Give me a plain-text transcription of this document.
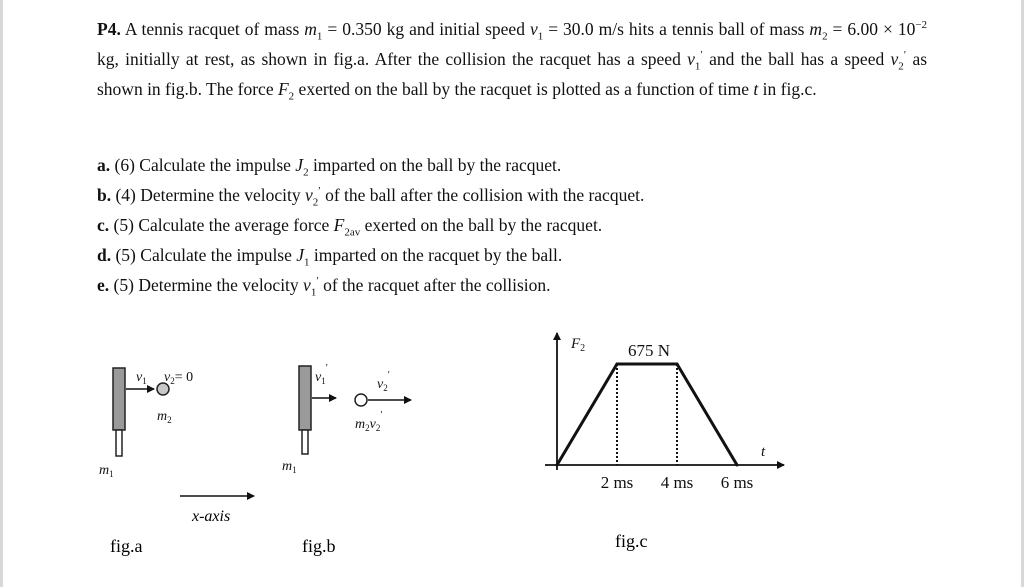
P4. A tennis racquet of mass $m_1 = 0.350$ kg and initial speed $v_1 = 30.0$ m/s hits a tennis ball of mass $m_2 = 6.00 \times 10^{-2}$ kg, initially at rest, as shown in fig.a. After the collision the racquet has a speed $v_1'$ and the ball has a speed $v_2'$ as shown in fig.b. The force $F_2$ exerted on the ball by the racquet is plotted as a function of time t in fig.c.
a. (6) Calculate the impulse $J_2$ imparted on the ball by the racquet.
b. (4) Determine the velocity $v_2'$ of the ball after the collision with the racquet.
c. (5) Calculate the average force $F_{2av}$ exerted on the ball by the racquet.
d. (5) Calculate the impulse $J_1$ imparted on the racquet by the ball.
e. (5) Determine the velocity $v_1'$ of the racquet after the collision.
$v_1$ $v_2= 0$
$m_2$
$m_1$
x-axis
$v_1'$
$v_2'$
$m_2v_2'$
$m_1$
$F_2$
t
675 N
2 ms 4 ms 6 ms
fig.a	fig.b	fig.c
